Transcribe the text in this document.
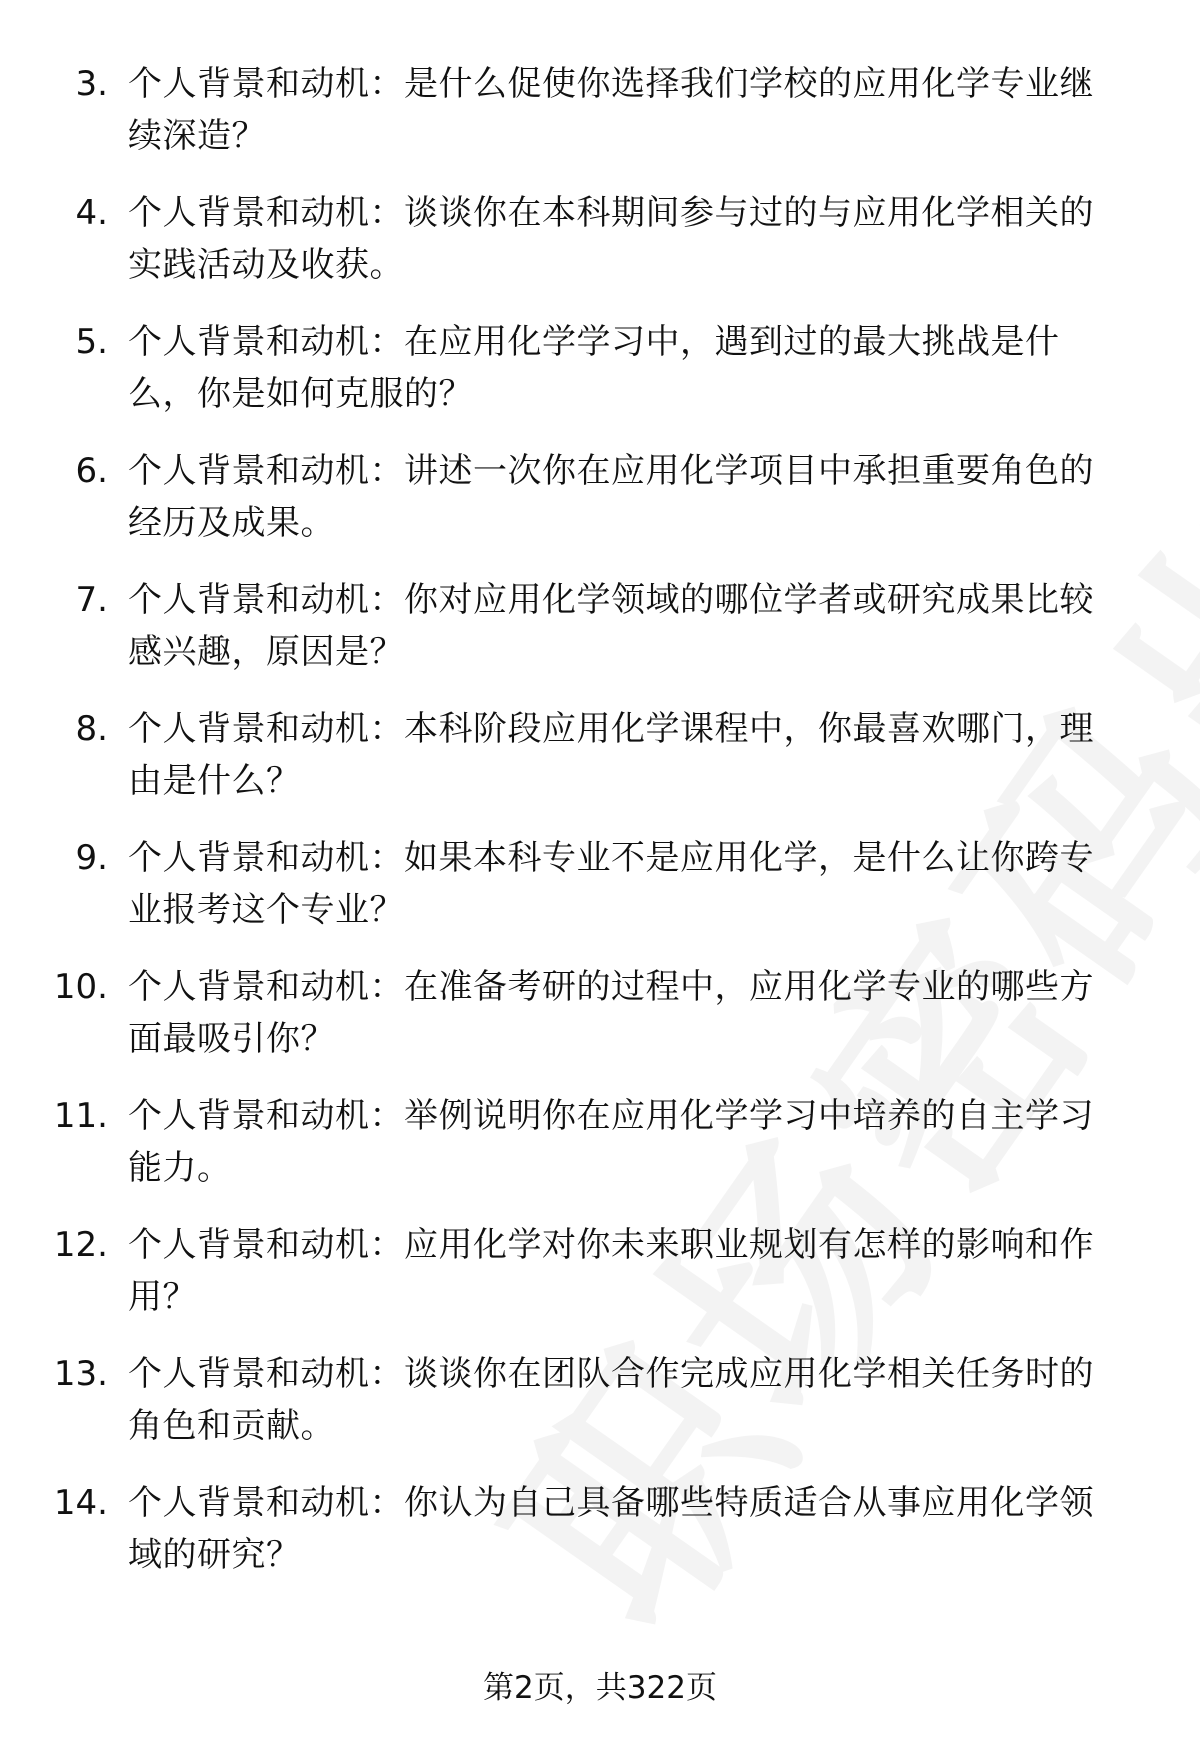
3. 个人背景和动机：是什么促使你选择我们学校的应用化学专业继续深造？
4. 个人背景和动机：谈谈你在本科期间参与过的与应用化学相关的实践活动及收获。
5. 个人背景和动机：在应用化学学习中，遇到过的最大挑战是什么，你是如何克服的？
6. 个人背景和动机：讲述一次你在应用化学项目中承担重要角色的经历及成果。
7. 个人背景和动机：你对应用化学领域的哪位学者或研究成果比较感兴趣，原因是？
8. 个人背景和动机：本科阶段应用化学课程中，你最喜欢哪门，理由是什么？
9. 个人背景和动机：如果本科专业不是应用化学，是什么让你跨专业报考这个专业？
10. 个人背景和动机：在准备考研的过程中，应用化学专业的哪些方面最吸引你？
11. 个人背景和动机：举例说明你在应用化学学习中培养的自主学习能力。
12. 个人背景和动机：应用化学对你未来职业规划有怎样的影响和作用？
13. 个人背景和动机：谈谈你在团队合作完成应用化学相关任务时的角色和贡献。
14. 个人背景和动机：你认为自己具备哪些特质适合从事应用化学领域的研究？
第2页，共322页
